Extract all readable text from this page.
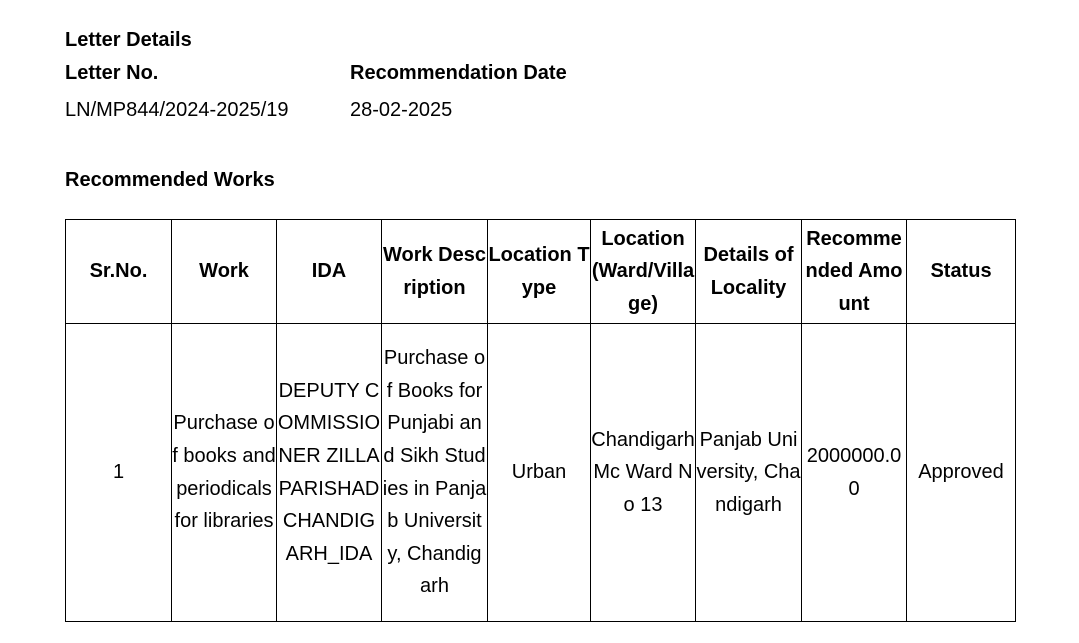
Letter Details
Letter No.	Recommendation Date
LN/MP844/2024-2025/19	28-02-2025
Recommended Works
Sr.No.	Work	IDA	Work Description	Location Type	Location (Ward/Village)	Details of Locality	Recommended Amount	Status
1	Purchase of books and periodicals for libraries	DEPUTY COMMISSIONER ZILLA PARISHAD CHANDIGARH_IDA	Purchase of Books for Punjabi and Sikh Studies in Panjab University, Chandigarh	Urban	Chandigarh Mc Ward No 13	Panjab University, Chandigarh	2000000.00	Approved
